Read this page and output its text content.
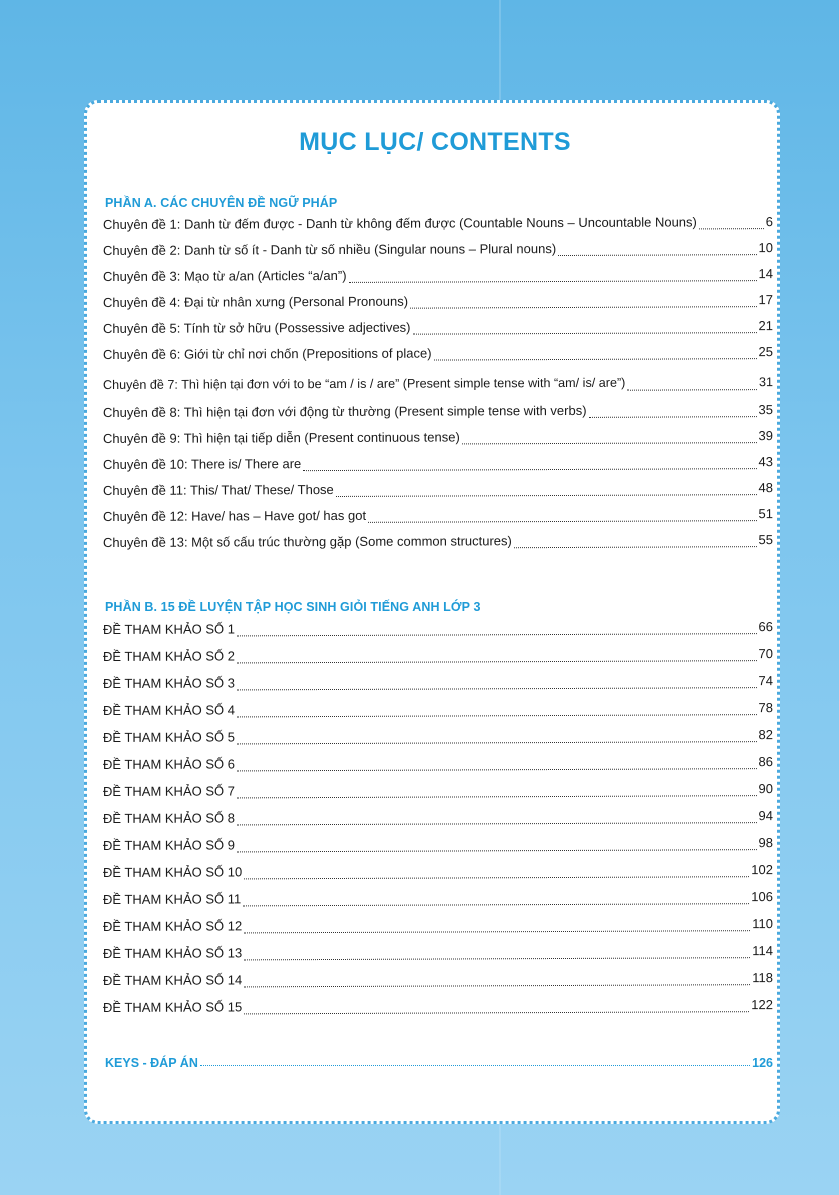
MỤC LỤC/ CONTENTS
PHẦN A. CÁC CHUYÊN ĐỀ NGỮ PHÁP
Chuyên đề 1: Danh từ đếm được - Danh từ không đếm được (Countable Nouns – Uncountable Nouns)	6
Chuyên đề 2: Danh từ số ít - Danh từ số nhiều (Singular nouns – Plural nouns)	10
Chuyên đề 3: Mạo từ a/an (Articles “a/an”)	14
Chuyên đề 4: Đại từ nhân xưng (Personal Pronouns)	17
Chuyên đề 5: Tính từ sở hữu (Possessive adjectives)	21
Chuyên đề 6: Giới từ chỉ nơi chốn (Prepositions of place)	25
Chuyên đề 7: Thì hiện tại đơn với to be “am / is / are” (Present simple tense with “am/ is/ are”)	31
Chuyên đề 8: Thì hiện tại đơn với động từ thường (Present simple tense with verbs)	35
Chuyên đề 9: Thì hiện tại tiếp diễn (Present continuous tense)	39
Chuyên đề 10: There is/ There are	43
Chuyên đề 11: This/ That/ These/ Those	48
Chuyên đề 12: Have/ has – Have got/ has got	51
Chuyên đề 13: Một số cấu trúc thường gặp (Some common structures)	55
PHẦN B. 15 ĐỀ LUYỆN TẬP HỌC SINH GIỎI TIẾNG ANH LỚP 3
ĐỀ THAM KHẢO SỐ 1	66
ĐỀ THAM KHẢO SỐ 2	70
ĐỀ THAM KHẢO SỐ 3	74
ĐỀ THAM KHẢO SỐ 4	78
ĐỀ THAM KHẢO SỐ 5	82
ĐỀ THAM KHẢO SỐ 6	86
ĐỀ THAM KHẢO SỐ 7	90
ĐỀ THAM KHẢO SỐ 8	94
ĐỀ THAM KHẢO SỐ 9	98
ĐỀ THAM KHẢO SỐ 10	102
ĐỀ THAM KHẢO SỐ 11	106
ĐỀ THAM KHẢO SỐ 12	110
ĐỀ THAM KHẢO SỐ 13	114
ĐỀ THAM KHẢO SỐ 14	118
ĐỀ THAM KHẢO SỐ 15	122
KEYS - ĐÁP ÁN	126
